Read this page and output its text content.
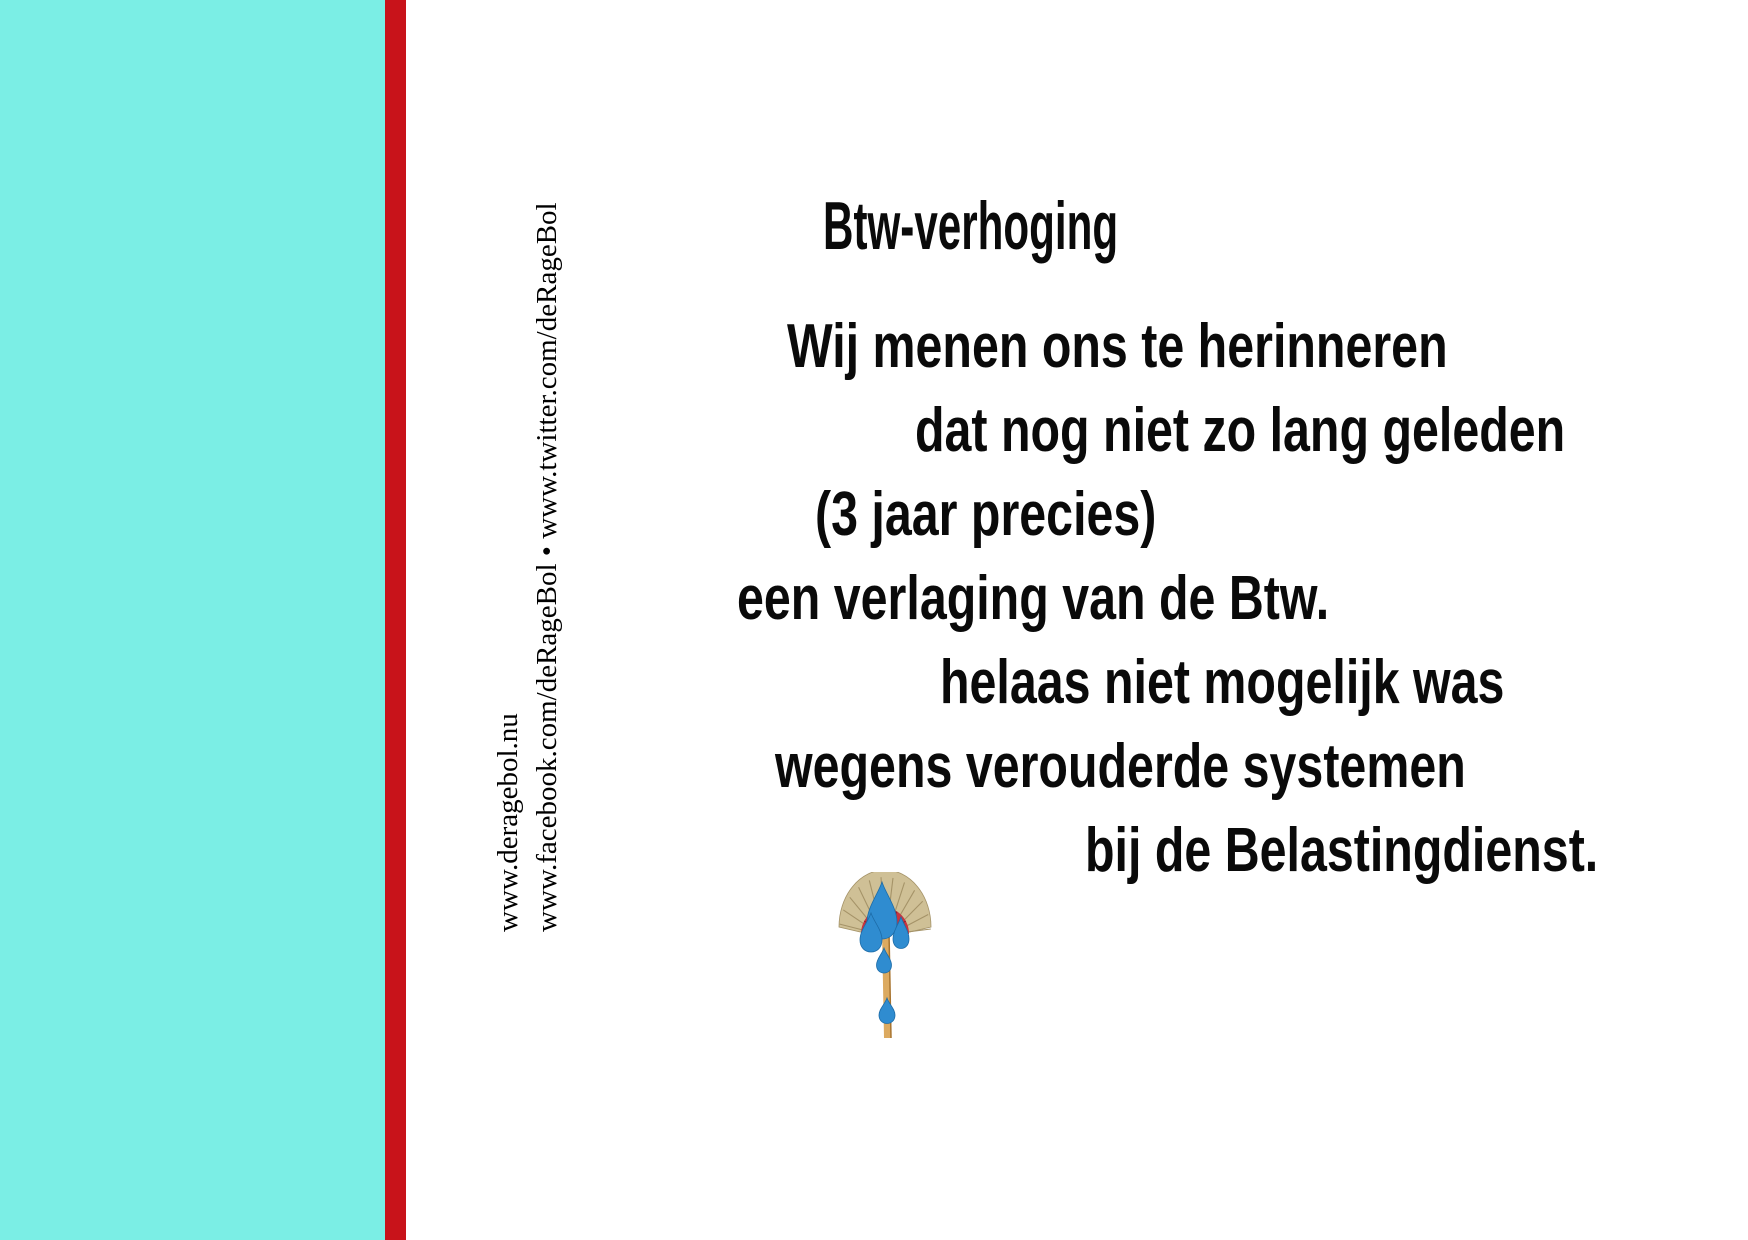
www.deragebol.nu www.facebook.com/deRageBol • www.twitter.com/deRageBol	Btw-verhoging
Wij menen ons te herinneren
dat nog niet zo lang geleden
(3 jaar precies)
een verlaging van de Btw.
helaas niet mogelijk was
wegens verouderde systemen
bij de Belastingdienst.
